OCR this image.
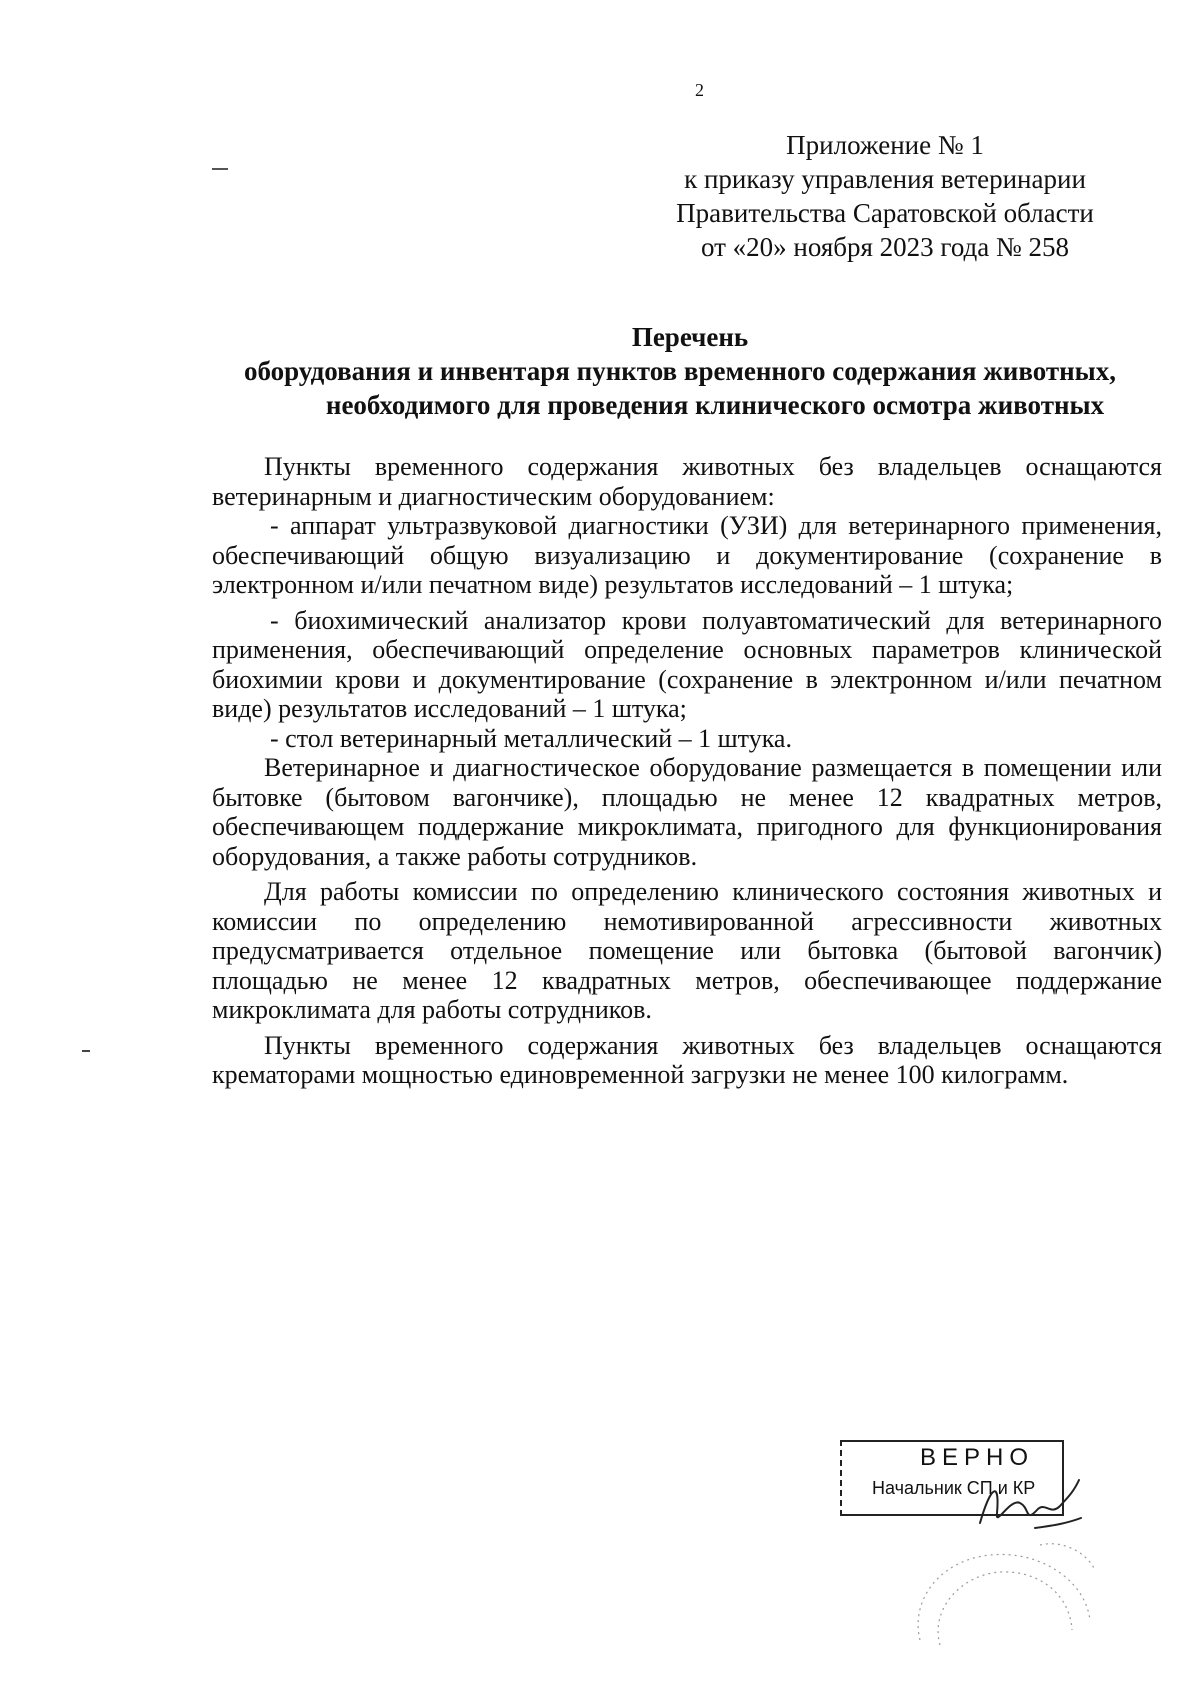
2
Приложение № 1
к приказу управления ветеринарии
Правительства Саратовской области
от «20» ноября 2023 года № 258
Перечень
оборудования и инвентаря пунктов временного содержания животных,
необходимого для проведения клинического осмотра животных

Пункты временного содержания животных без владельцев оснащаются ветеринарным и диагностическим оборудованием:

- аппарат ультразвуковой диагностики (УЗИ) для ветеринарного применения, обеспечивающий общую визуализацию и документирование (сохранение в электронном и/или печатном виде) результатов исследований – 1 штука;

- биохимический анализатор крови полуавтоматический для ветеринарного применения, обеспечивающий определение основных параметров клинической биохимии крови и документирование (сохранение в электронном и/или печатном виде) результатов исследований – 1 штука;

- стол ветеринарный металлический – 1 штука.

Ветеринарное и диагностическое оборудование размещается в помещении или бытовке (бытовом вагончике), площадью не менее 12 квадратных метров, обеспечивающем поддержание микроклимата, пригодного для функционирования оборудования, а также работы сотрудников.

Для работы комиссии по определению клинического состояния животных и комиссии по определению немотивированной агрессивности животных предусматривается отдельное помещение или бытовка (бытовой вагончик) площадью не менее 12 квадратных метров, обеспечивающее поддержание микроклимата для работы сотрудников.

Пункты временного содержания животных без владельцев оснащаются крематорами мощностью единовременной загрузки не менее 100 килограмм.

ВЕРНО
Начальник СП и КР
